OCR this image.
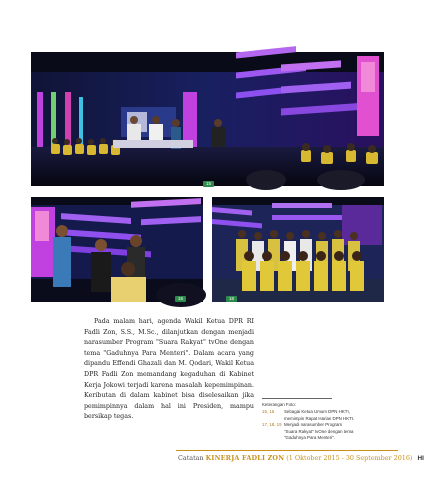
15
16	18

Pada malam hari, agenda Wakil Ketua DPR RI Fadli Zon, S.S., M.Sc., dilanjutkan dengan menjadi narasumber Program "Suara Rakyat" tvOne dengan tema "Gaduhnya Para Menteri". Dalam acara yang dipandu Effendi Ghazali dan M. Qodari, Wakil Ketua DPR Fadli Zon memandang kegaduhan di Kabinet Kerja Jokowi terjadi karena masalah kepemimpinan. Keributan di dalam kabinet bisa diselesaikan jika pemimpinnya dalam hal ini Presiden, mampu bersikap tegas.

Keterangan Foto:
15, 16	Sebagai Ketua Umum DPN HKTI,
memimpin Rapat Harian DPN HKTI.
17, 18, 19 Menjadi narasumber Program
"Suara Rakyat" tvOne dengan tema
"Gaduhnya Para Menteri".
Catatan KINERJA FADLI ZON (1 Oktober 2015 - 30 September 2016) HI
